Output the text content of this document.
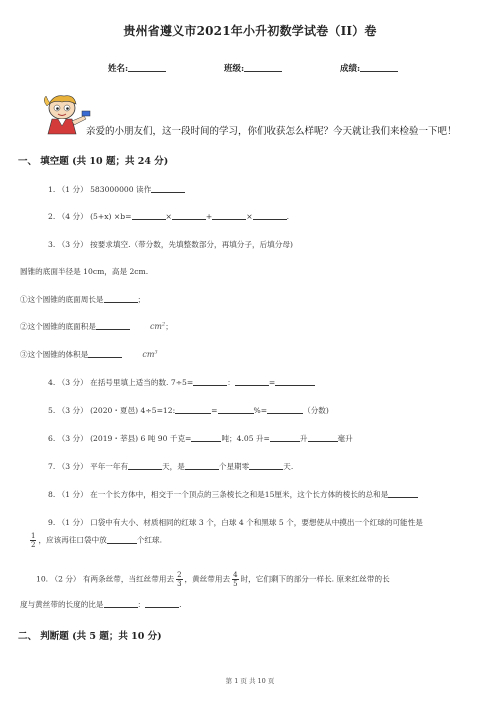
贵州省遵义市2021年小升初数学试卷（II）卷
姓名:	班级:	成绩:
亲爱的小朋友们，这一段时间的学习，你们收获怎么样呢？今天就让我们来检验一下吧！
一、 填空题 (共 10 题；共 24 分)
1. （1 分） 583000000 读作
2. （4 分） (5+x) ×b=	×	+	×	.
3. （3 分） 按要求填空.（带分数，先填整数部分，再填分子，后填分母)
圆锥的底面半径是 10cm，高是 2cm.
①这个圆锥的底面周长是	；
②这个圆锥的底面积是	$cm^2$；
③这个圆锥的体积是	$cm^3$
4. （3 分） 在括号里填上适当的数. 7÷5=	：	=
5. （3 分） (2020・夏邑) 4÷5=12:	=	%=	（分数)
6. （3 分） (2019・莘县) 6 吨 90 千克=	吨；4.05 升=	升	毫升
7. （3 分） 平年一年有	天，是	个星期零	天.
8. （1 分） 在一个长方体中，相交于一个顶点的三条棱长之和是15厘米，这个长方体的棱长的总和是
9. （1 分） 口袋中有大小、材质相同的红球 3 个，白球 4 个和黑球 5 个，要想使从中摸出一个红球的可能性是
$\frac{1}{2}$ ，应该再往口袋中放	个红球.
10. （2 分） 有两条丝带，当红丝带用去 $\frac{2}{3}$ ，黄丝带用去 $\frac{4}{5}$ 时，它们剩下的部分一样长. 原来红丝带的长
度与黄丝带的长度的比是	：	.
二、 判断题 (共 5 题；共 10 分)
第 1 页 共 10 页
